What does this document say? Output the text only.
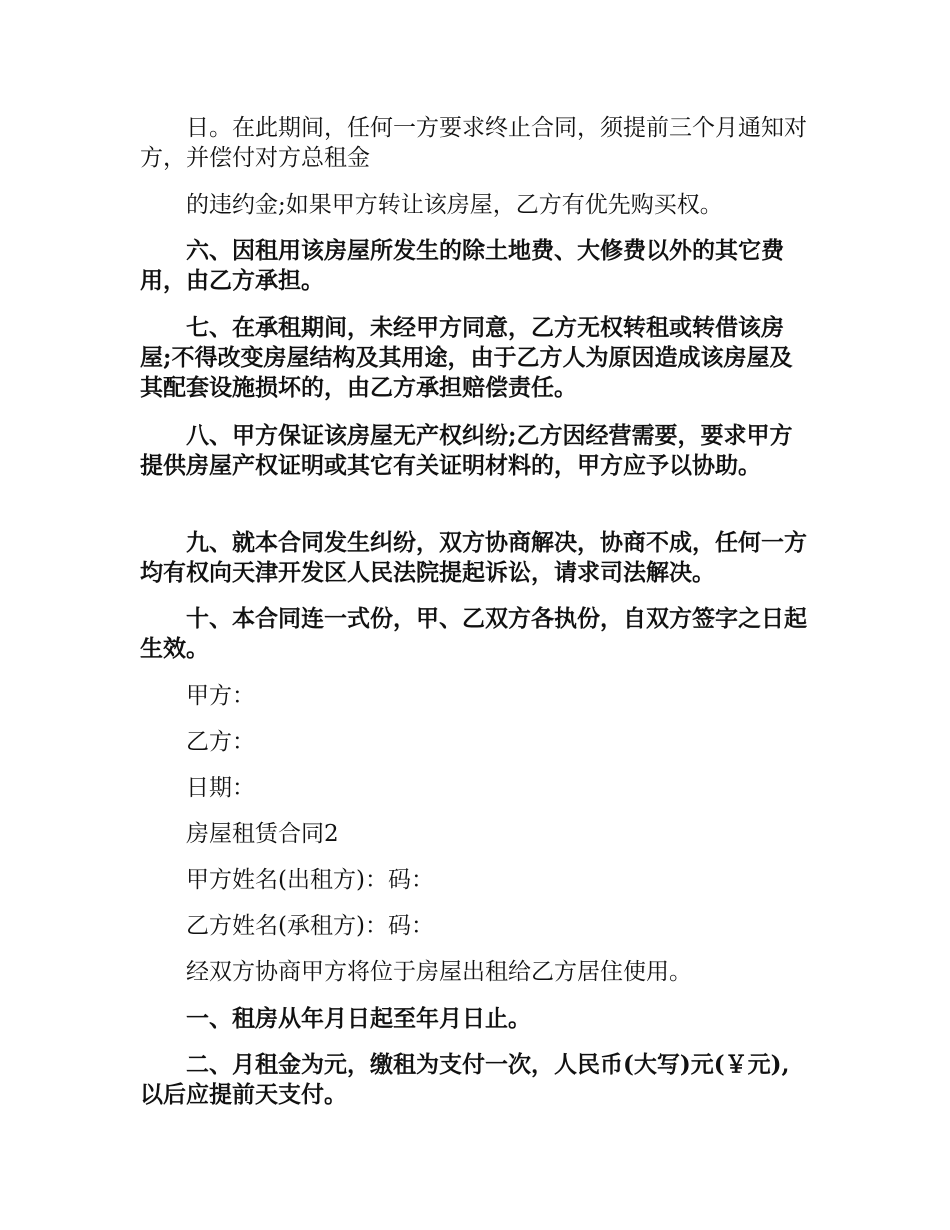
日。在此期间，任何一方要求终止合同，须提前三个月通知对方，并偿付对方总租金

的违约金;如果甲方转让该房屋，乙方有优先购买权。

六、因租用该房屋所发生的除土地费、大修费以外的其它费用，由乙方承担。

七、在承租期间，未经甲方同意，乙方无权转租或转借该房屋;不得改变房屋结构及其用途，由于乙方人为原因造成该房屋及其配套设施损坏的，由乙方承担赔偿责任。

八、甲方保证该房屋无产权纠纷;乙方因经营需要，要求甲方提供房屋产权证明或其它有关证明材料的，甲方应予以协助。

九、就本合同发生纠纷，双方协商解决，协商不成，任何一方均有权向天津开发区人民法院提起诉讼，请求司法解决。

十、本合同连一式份，甲、乙双方各执份，自双方签字之日起生效。

甲方：

乙方：

日期：

房屋租赁合同2

甲方姓名(出租方)：码：

乙方姓名(承租方)：码：

经双方协商甲方将位于房屋出租给乙方居住使用。

一、租房从年月日起至年月日止。

二、月租金为元，缴租为支付一次，人民币(大写)元(￥元),以后应提前天支付。
